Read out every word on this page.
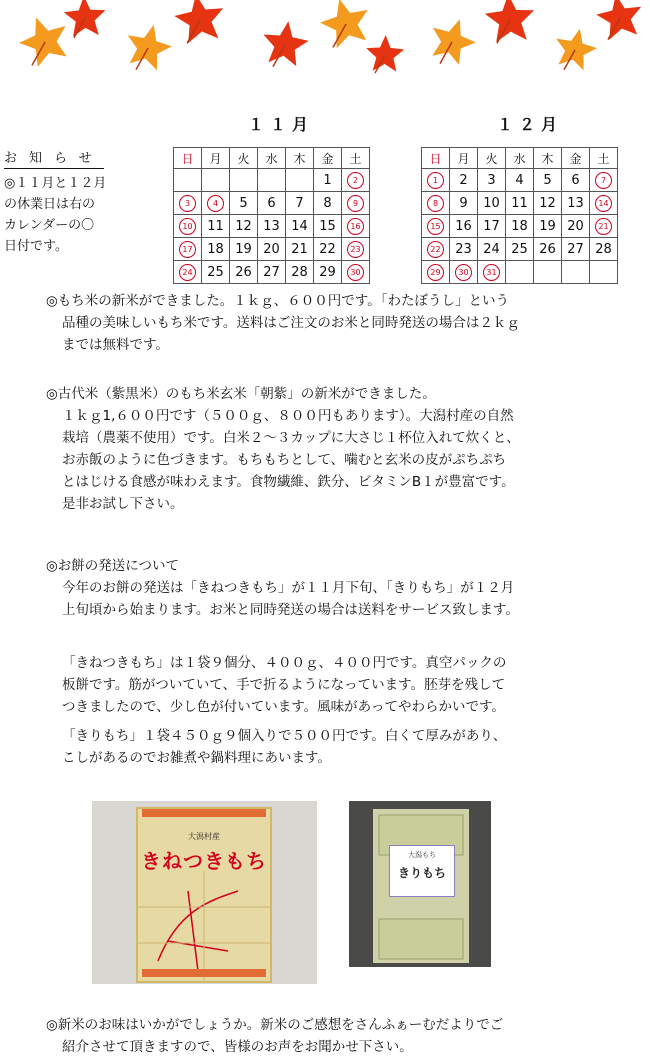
１１月	１２月
お知らせ
◎１１月と１２月
の休業日は右の
カレンダーの〇
日付です。
日	月	火	水	木	金	土
					1	2
3	4	5	6	7	8	9
10	11	12	13	14	15	16
17	18	19	20	21	22	23
24	25	26	27	28	29	30
日	月	火	水	木	金	土
1	2	3	4	5	6	7
8	9	10	11	12	13	14
15	16	17	18	19	20	21
22	23	24	25	26	27	28
29	30	31				

◎もち米の新米ができました。１ｋｇ、６００円です。「わたぼうし」という

品種の美味しいもち米です。送料はご注文のお米と同時発送の場合は２ｋｇ

までは無料です。

◎古代米（紫黒米）のもち米玄米「朝紫」の新米ができました。

１ｋｇ1,６００円です（５００ｇ、８００円もあります）。大潟村産の自然

栽培（農薬不使用）です。白米２～３カップに大さじ１杯位入れて炊くと、

お赤飯のように色づきます。もちもちとして、噛むと玄米の皮がぷちぷち

とはじける食感が味わえます。食物繊維、鉄分、ビタミンB１が豊富です。

是非お試し下さい。

◎お餅の発送について

今年のお餅の発送は「きねつきもち」が１１月下旬、「きりもち」が１２月

上旬頃から始まります。お米と同時発送の場合は送料をサービス致します。

「きねつきもち」は１袋９個分、４００ｇ、４００円です。真空パックの

板餅です。筋がついていて、手で折るようになっています。胚芽を残して

つきましたので、少し色が付いています。風味があってやわらかいです。

「きりもち」１袋４５０ｇ９個入りで５００円です。白くて厚みがあり、

こしがあるのでお雑煮や鍋料理にあいます。

大潟村産
きねつきもち	大潟もち
きりもち

◎新米のお味はいかがでしょうか。新米のご感想をさんふぁーむだよりでご

紹介させて頂きますので、皆様のお声をお聞かせ下さい。
